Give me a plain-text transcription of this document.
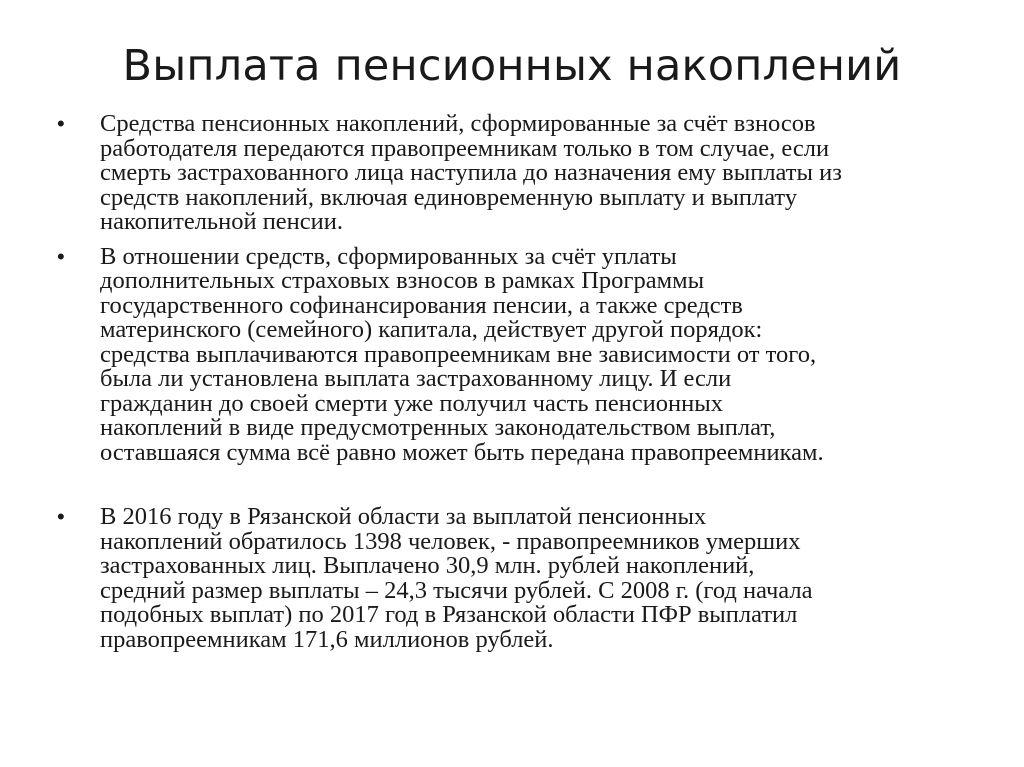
Выплата пенсионных накоплений
• Средства пенсионных накоплений, сформированные за счёт взносов
работодателя передаются правопреемникам только в том случае, если
смерть застрахованного лица наступила до назначения ему выплаты из
средств накоплений, включая единовременную выплату и выплату
накопительной пенсии.
• В отношении средств, сформированных за счёт уплаты
дополнительных страховых взносов в рамках Программы
государственного софинансирования пенсии, а также средств
материнского (семейного) капитала, действует другой порядок:
средства выплачиваются правопреемникам вне зависимости от того,
была ли установлена выплата застрахованному лицу. И если
гражданин до своей смерти уже получил часть пенсионных
накоплений в виде предусмотренных законодательством выплат,
оставшаяся сумма всё равно может быть передана правопреемникам.
• В 2016 году в Рязанской области за выплатой пенсионных
накоплений обратилось 1398 человек, - правопреемников умерших
застрахованных лиц. Выплачено 30,9 млн. рублей накоплений,
средний размер выплаты – 24,3 тысячи рублей. С 2008 г. (год начала
подобных выплат) по 2017 год в Рязанской области ПФР выплатил
правопреемникам 171,6 миллионов рублей.
